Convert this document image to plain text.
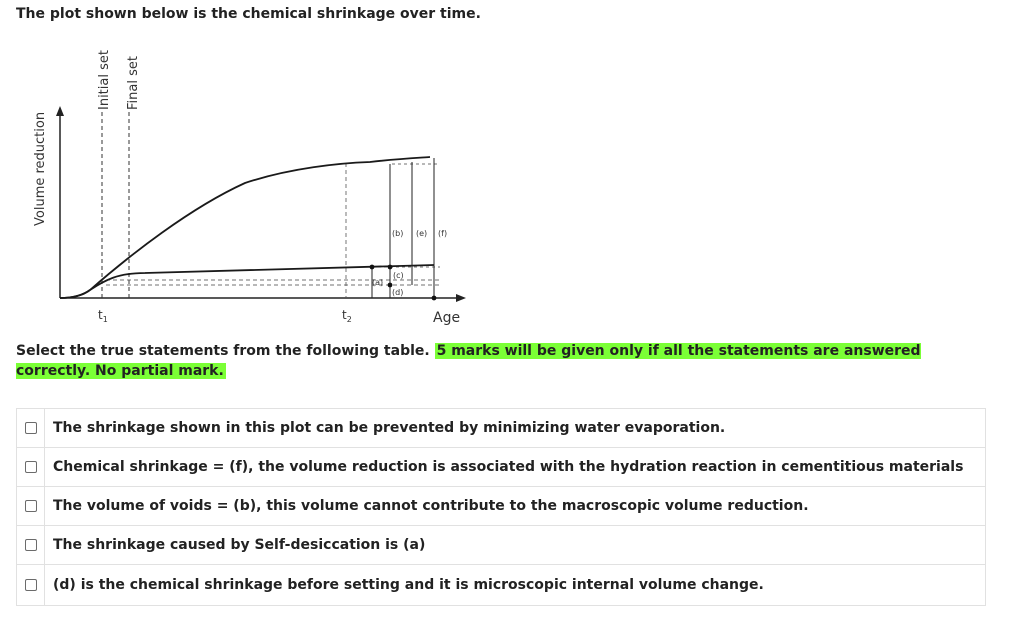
The plot shown below is the chemical shrinkage over time.
Volume reduction
Initial set Final set
(a)
(b)
(c)
(d)
(e) (f)
$t_1$	$t_2$	Age
Select the true statements from the following table. 5 marks will be given only if all the statements are answered correctly. No partial mark.
The shrinkage shown in this plot can be prevented by minimizing water evaporation.
Chemical shrinkage = (f), the volume reduction is associated with the hydration reaction in cementitious materials
The volume of voids = (b), this volume cannot contribute to the macroscopic volume reduction.
The shrinkage caused by Self-desiccation is (a)
(d) is the chemical shrinkage before setting and it is microscopic internal volume change.
